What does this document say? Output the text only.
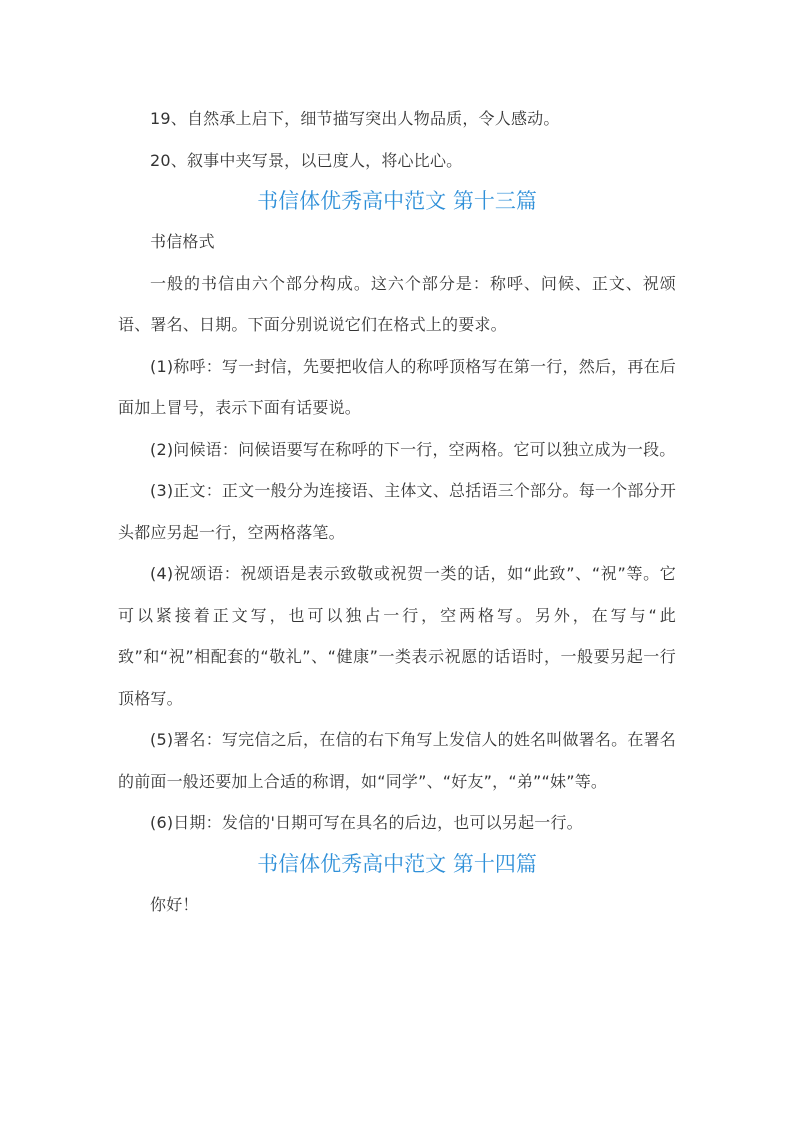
19、自然承上启下，细节描写突出人物品质，令人感动。

20、叙事中夹写景，以已度人，将心比心。

书信体优秀高中范文 第十三篇

书信格式

一般的书信由六个部分构成。这六个部分是：称呼、问候、正文、祝颂语、署名、日期。下面分别说说它们在格式上的要求。

(1)称呼：写一封信，先要把收信人的称呼顶格写在第一行，然后，再在后面加上冒号，表示下面有话要说。

(2)问候语：问候语要写在称呼的下一行，空两格。它可以独立成为一段。

(3)正文：正文一般分为连接语、主体文、总括语三个部分。每一个部分开头都应另起一行，空两格落笔。

(4)祝颂语：祝颂语是表示致敬或祝贺一类的话，如“此致”、“祝”等。它可以紧接着正文写，也可以独占一行，空两格写。另外，在写与“此致”和“祝”相配套的“敬礼”、“健康”一类表示祝愿的话语时，一般要另起一行顶格写。

(5)署名：写完信之后，在信的右下角写上发信人的姓名叫做署名。在署名的前面一般还要加上合适的称谓，如“同学”、“好友”，“弟”“妹”等。

(6)日期：发信的'日期可写在具名的后边，也可以另起一行。

书信体优秀高中范文 第十四篇

你好！
